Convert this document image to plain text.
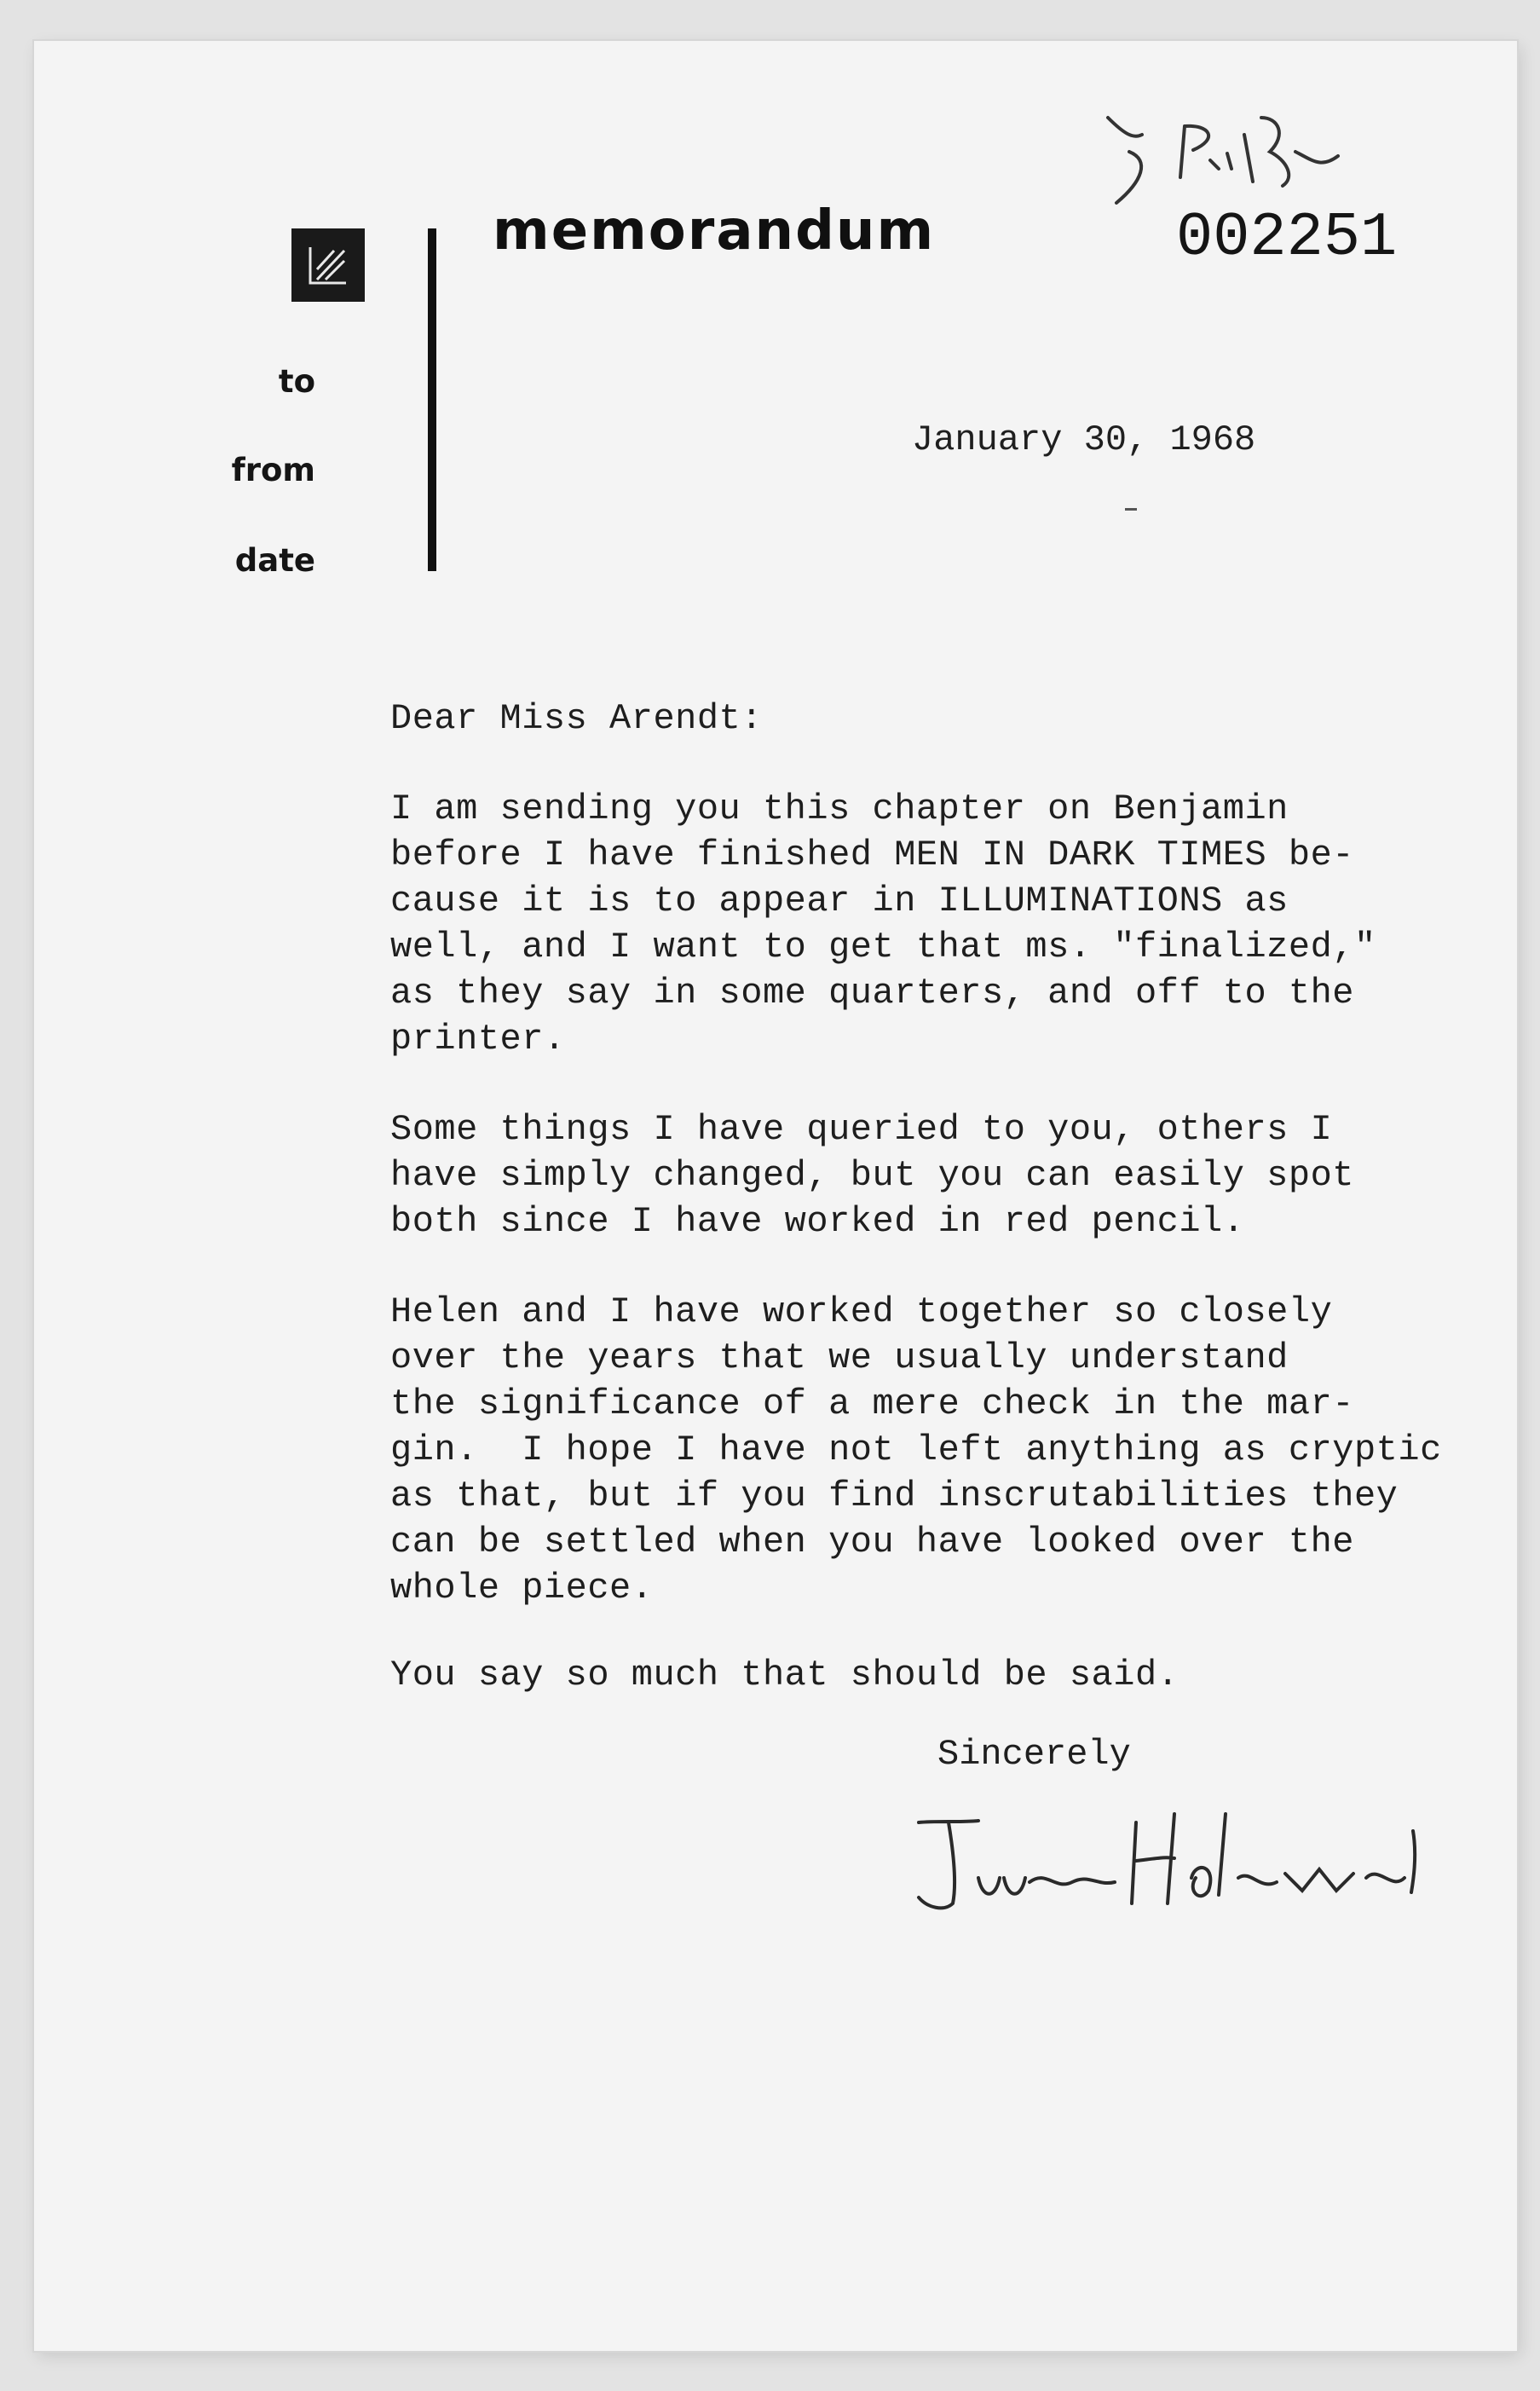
to
from
date
memorandum	002251
January 30, 1968
Dear Miss Arendt:
I am sending you this chapter on Benjamin
before I have finished MEN IN DARK TIMES be-
cause it is to appear in ILLUMINATIONS as
well, and I want to get that ms. "finalized,"
as they say in some quarters, and off to the
printer.
Some things I have queried to you, others I
have simply changed, but you can easily spot
both since I have worked in red pencil.
Helen and I have worked together so closely
over the years that we usually understand
the significance of a mere check in the mar-
gin.  I hope I have not left anything as cryptic
as that, but if you find inscrutabilities they
can be settled when you have looked over the
whole piece.
You say so much that should be said.
Sincerely
